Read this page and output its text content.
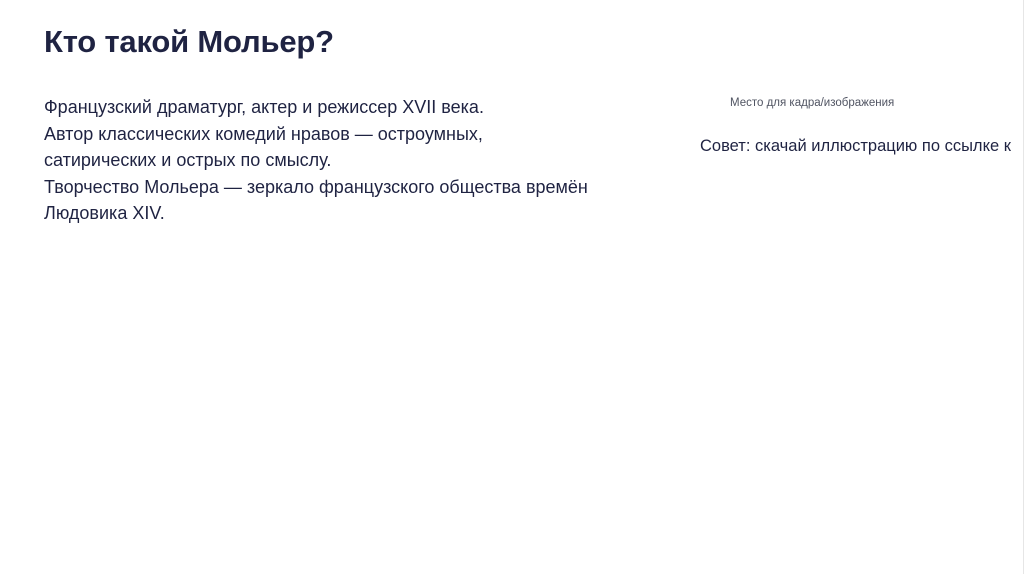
Кто такой Мольер?
Французский драматург, актер и режиссер XVII века.
Автор классических комедий нравов — остроумных,
сатирических и острых по смыслу.
Творчество Мольера — зеркало французского общества времён
Людовика XIV.
Место для кадра/изображения
Совет: скачай иллюстрацию по ссылке к
